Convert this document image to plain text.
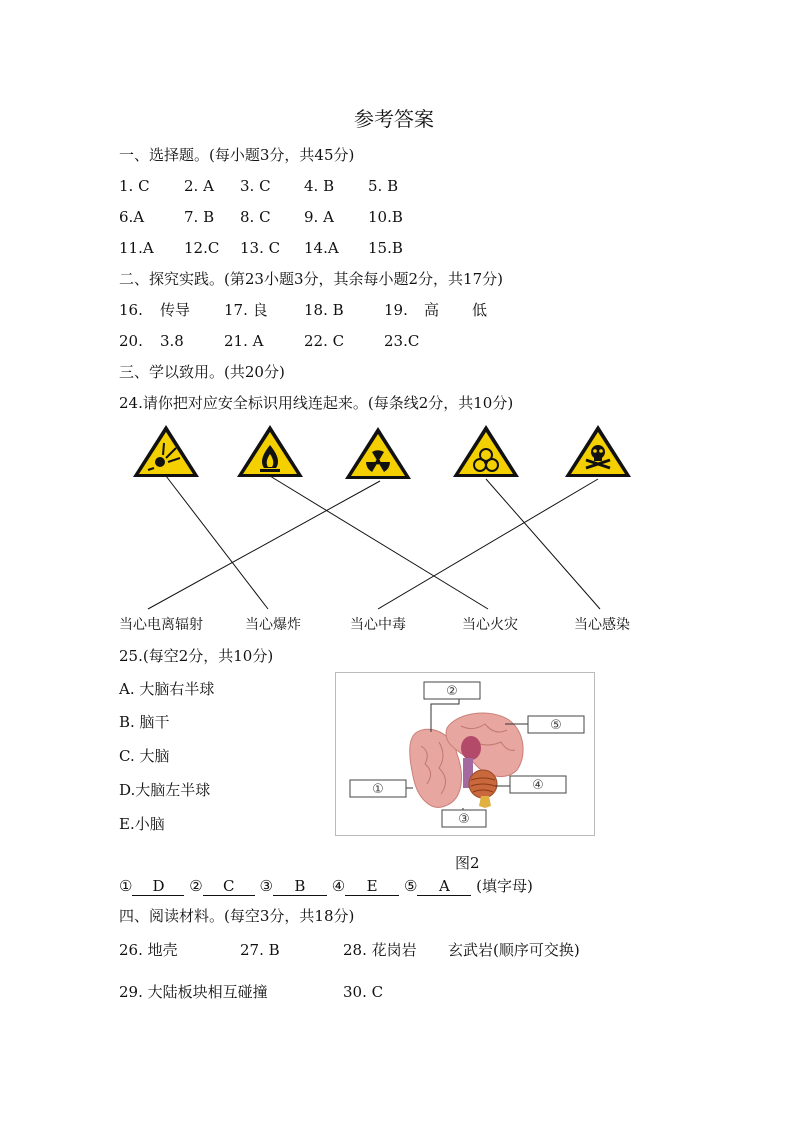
参考答案
一、选择题。(每小题3分，共45分)
1. C 2. A 3. C 4. B 5. B
6.A	7. B 8. C 9. A 10.B
11.A 12.C 13. C 14.A 15.B
二、探究实践。(第23小题3分，其余每小题2分，共17分)
16. 传导 17. 良 18. B	19. 高 低
20. 3.8	21. A	22. C	23.C
三、学以致用。(共20分)
24.请你把对应安全标识用线连起来。(每条线2分，共10分)
当心电离辐射	当心爆炸	当心中毒	当心火灾	当心感染
25.(每空2分，共10分)
A. 大脑右半球
B. 脑干
C. 大脑
D.大脑左半球
E.小脑
②
⑤
④
①
③
图2
① D ② C ③ B ④ E ⑤ A (填字母)
四、阅读材料。(每空3分，共18分)
26. 地壳	27. B	28. 花岗岩 玄武岩(顺序可交换)
29. 大陆板块相互碰撞	30. C
